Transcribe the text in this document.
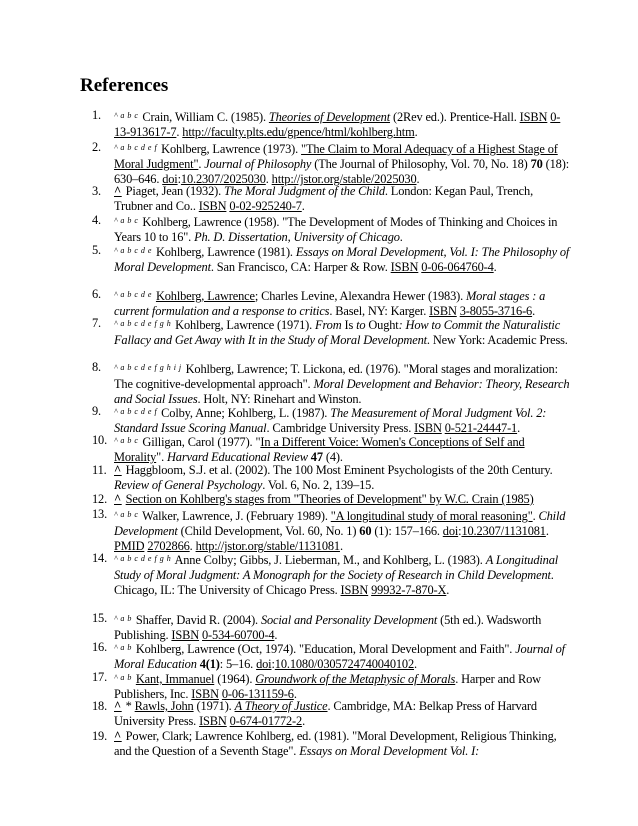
References
1. $^{\^{} a b c}$ Crain, William C. (1985). Theories of Development (2Rev ed.). Prentice-Hall. ISBN 0-13-913617-7. http://faculty.plts.edu/gpence/html/kohlberg.htm.
2. $^{\^{} a b c d e f}$ Kohlberg, Lawrence (1973). "The Claim to Moral Adequacy of a Highest Stage of Moral Judgment". Journal of Philosophy (The Journal of Philosophy, Vol. 70, No. 18) 70 (18): 630–646. doi:10.2307/2025030. http://jstor.org/stable/2025030.
3. ^ Piaget, Jean (1932). The Moral Judgment of the Child. London: Kegan Paul, Trench, Trubner and Co.. ISBN 0-02-925240-7.
4. $^{\^{} a b c}$ Kohlberg, Lawrence (1958). "The Development of Modes of Thinking and Choices in Years 10 to 16". Ph. D. Dissertation, University of Chicago.
5. $^{\^{} a b c d e}$ Kohlberg, Lawrence (1981). Essays on Moral Development, Vol. I: The Philosophy of Moral Development. San Francisco, CA: Harper & Row. ISBN 0-06-064760-4.
6. $^{\^{} a b c d e}$ Kohlberg, Lawrence; Charles Levine, Alexandra Hewer (1983). Moral stages : a current formulation and a response to critics. Basel, NY: Karger. ISBN 3-8055-3716-6.
7. $^{\^{} a b c d e f g h}$ Kohlberg, Lawrence (1971). From Is to Ought: How to Commit the Naturalistic Fallacy and Get Away with It in the Study of Moral Development. New York: Academic Press.
8. $^{\^{} a b c d e f g h i j}$ Kohlberg, Lawrence; T. Lickona, ed. (1976). "Moral stages and moralization: The cognitive-developmental approach". Moral Development and Behavior: Theory, Research and Social Issues. Holt, NY: Rinehart and Winston.
9. $^{\^{} a b c d e f}$ Colby, Anne; Kohlberg, L. (1987). The Measurement of Moral Judgment Vol. 2: Standard Issue Scoring Manual. Cambridge University Press. ISBN 0-521-24447-1.
10. $^{\^{} a b c}$ Gilligan, Carol (1977). "In a Different Voice: Women's Conceptions of Self and Morality". Harvard Educational Review 47 (4).
11. ^ Haggbloom, S.J. et al. (2002). The 100 Most Eminent Psychologists of the 20th Century. Review of General Psychology. Vol. 6, No. 2, 139–15.
12. ^ Section on Kohlberg's stages from "Theories of Development" by W.C. Crain (1985)
13. $^{\^{} a b c}$ Walker, Lawrence, J. (February 1989). "A longitudinal study of moral reasoning". Child Development (Child Development, Vol. 60, No. 1) 60 (1): 157–166. doi:10.2307/1131081. PMID 2702866. http://jstor.org/stable/1131081.
14. $^{\^{} a b c d e f g h}$ Anne Colby; Gibbs, J. Lieberman, M., and Kohlberg, L. (1983). A Longitudinal Study of Moral Judgment: A Monograph for the Society of Research in Child Development. Chicago, IL: The University of Chicago Press. ISBN 99932-7-870-X.
15. $^{\^{} a b}$ Shaffer, David R. (2004). Social and Personality Development (5th ed.). Wadsworth Publishing. ISBN 0-534-60700-4.
16. $^{\^{} a b}$ Kohlberg, Lawrence (Oct, 1974). "Education, Moral Development and Faith". Journal of Moral Education 4(1): 5–16. doi:10.1080/0305724740040102.
17. $^{\^{} a b}$ Kant, Immanuel (1964). Groundwork of the Metaphysic of Morals. Harper and Row Publishers, Inc. ISBN 0-06-131159-6.
18. ^ * Rawls, John (1971). A Theory of Justice. Cambridge, MA: Belkap Press of Harvard University Press. ISBN 0-674-01772-2.
19. ^ Power, Clark; Lawrence Kohlberg, ed. (1981). "Moral Development, Religious Thinking, and the Question of a Seventh Stage". Essays on Moral Development Vol. I:
